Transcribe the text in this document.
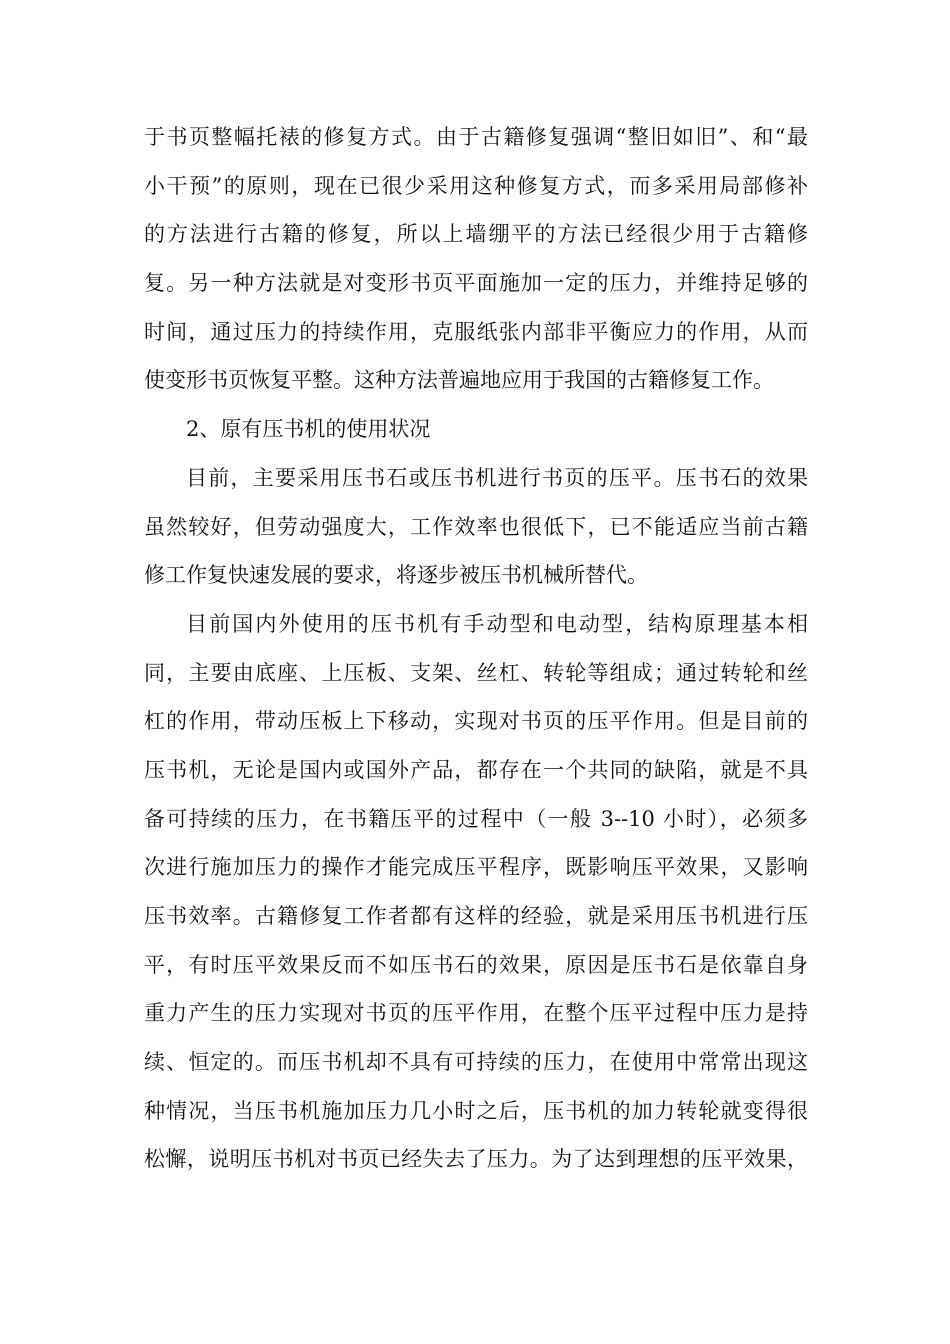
于书页整幅托裱的修复方式。由于古籍修复强调“整旧如旧”、和“最
小干预”的原则，现在已很少采用这种修复方式，而多采用局部修补
的方法进行古籍的修复，所以上墙绷平的方法已经很少用于古籍修
复。另一种方法就是对变形书页平面施加一定的压力，并维持足够的
时间，通过压力的持续作用，克服纸张内部非平衡应力的作用，从而
使变形书页恢复平整。这种方法普遍地应用于我国的古籍修复工作。
2、原有压书机的使用状况
目前，主要采用压书石或压书机进行书页的压平。压书石的效果
虽然较好，但劳动强度大，工作效率也很低下，已不能适应当前古籍
修工作复快速发展的要求，将逐步被压书机械所替代。
目前国内外使用的压书机有手动型和电动型，结构原理基本相
同，主要由底座、上压板、支架、丝杠、转轮等组成；通过转轮和丝
杠的作用，带动压板上下移动，实现对书页的压平作用。但是目前的
压书机，无论是国内或国外产品，都存在一个共同的缺陷，就是不具
备可持续的压力，在书籍压平的过程中（一般 3--10 小时），必须多
次进行施加压力的操作才能完成压平程序，既影响压平效果，又影响
压书效率。古籍修复工作者都有这样的经验，就是采用压书机进行压
平，有时压平效果反而不如压书石的效果，原因是压书石是依靠自身
重力产生的压力实现对书页的压平作用，在整个压平过程中压力是持
续、恒定的。而压书机却不具有可持续的压力，在使用中常常出现这
种情况，当压书机施加压力几小时之后，压书机的加力转轮就变得很
松懈，说明压书机对书页已经失去了压力。为了达到理想的压平效果，
